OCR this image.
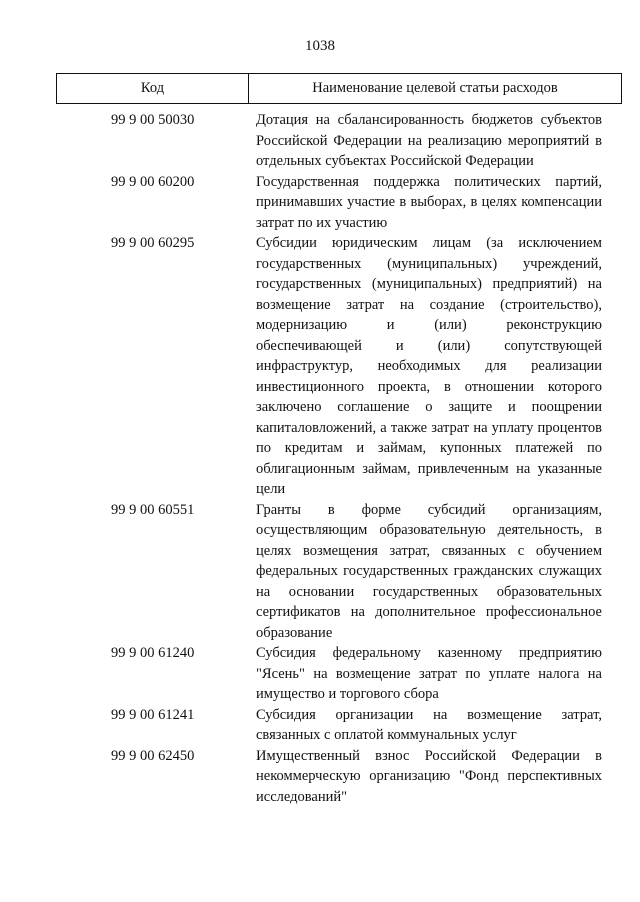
1038
Код	Наименование целевой статьи расходов
99 9 00 50030	Дотация на сбалансированность бюджетов субъектов Российской Федерации на реализацию мероприятий в отдельных субъектах Российской Федерации
99 9 00 60200	Государственная поддержка политических партий, принимавших участие в выборах, в целях компенсации затрат по их участию
99 9 00 60295	Субсидии юридическим лицам (за исключением государственных (муниципальных) учреждений, государственных (муниципальных) предприятий) на возмещение затрат на создание (строительство), модернизацию и (или) реконструкцию обеспечивающей и (или) сопутствующей инфраструктур, необходимых для реализации инвестиционного проекта, в отношении которого заключено соглашение о защите и поощрении капиталовложений, а также затрат на уплату процентов по кредитам и займам, купонных платежей по облигационным займам, привлеченным на указанные цели
99 9 00 60551	Гранты в форме субсидий организациям, осуществляющим образовательную деятельность, в целях возмещения затрат, связанных с обучением федеральных государственных гражданских служащих на основании государственных образовательных сертификатов на дополнительное профессиональное образование
99 9 00 61240	Субсидия федеральному казенному предприятию "Ясень" на возмещение затрат по уплате налога на имущество и торгового сбора
99 9 00 61241	Субсидия организации на возмещение затрат, связанных с оплатой коммунальных услуг
99 9 00 62450	Имущественный взнос Российской Федерации в некоммерческую организацию "Фонд перспективных исследований"
